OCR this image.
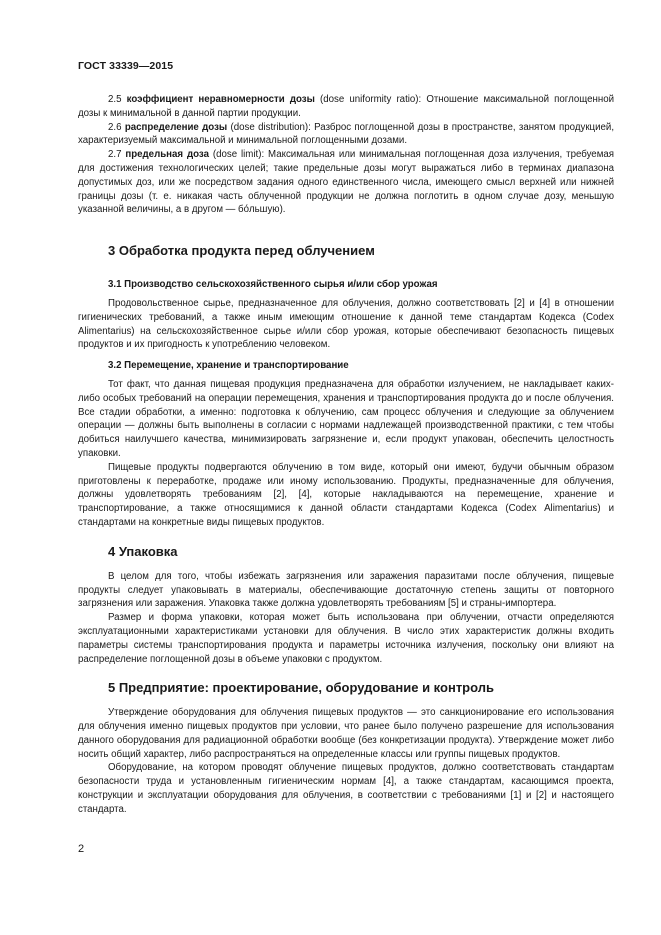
ГОСТ 33339—2015

2.5 коэффициент неравномерности дозы (dose uniformity ratio): Отношение максимальной поглощенной дозы к минимальной в данной партии продукции.

2.6 распределение дозы (dose distribution): Разброс поглощенной дозы в пространстве, занятом продукцией, характеризуемый максимальной и минимальной поглощенными дозами.

2.7 предельная доза (dose limit): Максимальная или минимальная поглощенная доза излучения, требуемая для достижения технологических целей; такие предельные дозы могут выражаться либо в терминах диапазона допустимых доз, или же посредством задания одного единственного числа, имеющего смысл верхней или нижней границы дозы (т. е. никакая часть облученной продукции не должна поглотить в одном случае дозу, меньшую указанной величины, а в другом — бо́льшую).

3 Обработка продукта перед облучением
3.1 Производство сельскохозяйственного сырья и/или сбор урожая

Продовольственное сырье, предназначенное для облучения, должно соответствовать [2] и [4] в отношении гигиенических требований, а также иным имеющим отношение к данной теме стандартам Кодекса (Codex Alimentarius) на сельскохозяйственное сырье и/или сбор урожая, которые обеспечивают безопасность пищевых продуктов и их пригодность к употреблению человеком.

3.2 Перемещение, хранение и транспортирование

Тот факт, что данная пищевая продукция предназначена для обработки излучением, не накладывает каких-либо особых требований на операции перемещения, хранения и транспортирования продукта до и после облучения. Все стадии обработки, а именно: подготовка к облучению, сам процесс облучения и следующие за облучением операции — должны быть выполнены в согласии с нормами надлежащей производственной практики, с тем чтобы добиться наилучшего качества, минимизировать загрязнение и, если продукт упакован, обеспечить целостность упаковки.

Пищевые продукты подвергаются облучению в том виде, который они имеют, будучи обычным образом приготовлены к переработке, продаже или иному использованию. Продукты, предназначенные для облучения, должны удовлетворять требованиям [2], [4], которые накладываются на перемещение, хранение и транспортирование, а также относящимися к данной области стандартами Кодекса (Codex Alimentarius) и стандартами на конкретные виды пищевых продуктов.

4 Упаковка

В целом для того, чтобы избежать загрязнения или заражения паразитами после облучения, пищевые продукты следует упаковывать в материалы, обеспечивающие достаточную степень защиты от повторного загрязнения или заражения. Упаковка также должна удовлетворять требованиям [5] и страны-импортера.

Размер и форма упаковки, которая может быть использована при облучении, отчасти определяются эксплуатационными характеристиками установки для облучения. В число этих характеристик должны входить параметры системы транспортирования продукта и параметры источника излучения, поскольку они влияют на распределение поглощенной дозы в объеме упаковки с продуктом.

5 Предприятие: проектирование, оборудование и контроль

Утверждение оборудования для облучения пищевых продуктов — это санкционирование его использования для облучения именно пищевых продуктов при условии, что ранее было получено разрешение для использования данного оборудования для радиационной обработки вообще (без конкретизации продукта). Утверждение может либо носить общий характер, либо распространяться на определенные классы или группы пищевых продуктов.

Оборудование, на котором проводят облучение пищевых продуктов, должно соответствовать стандартам безопасности труда и установленным гигиеническим нормам [4], а также стандартам, касающимся проекта, конструкции и эксплуатации оборудования для облучения, в соответствии с требованиями [1] и [2] и настоящего стандарта.

2
